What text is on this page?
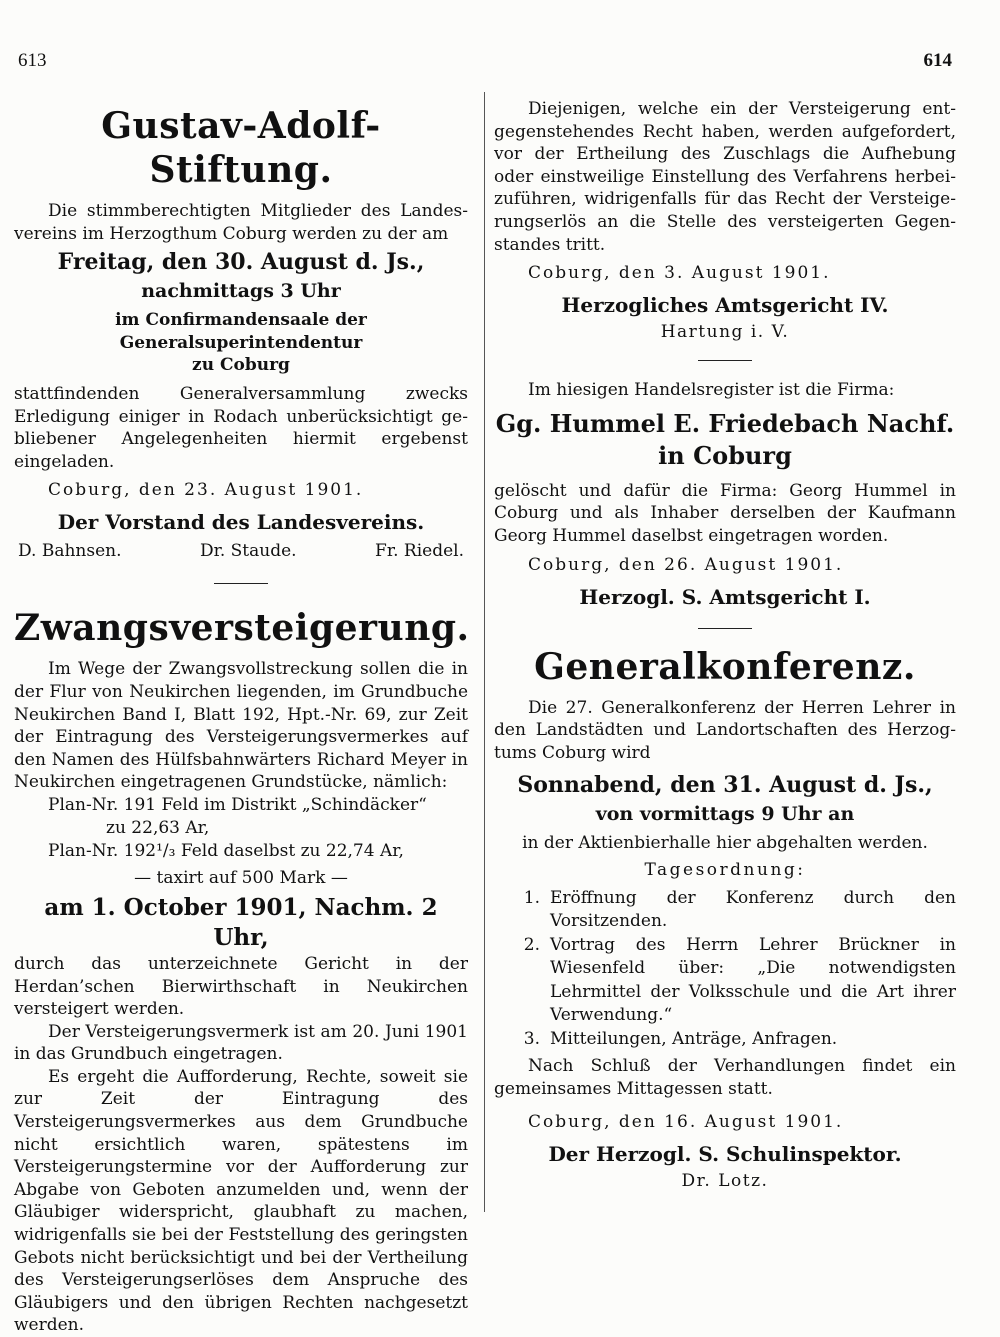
613	614
Gustav-Adolf-Stiftung.

Die stimmberechtigten Mitglieder des Landesvereins im Herzogthum Coburg werden zu der am

Freitag, den 30. August d. Js.,

nachmittags 3 Uhr

im Confirmandensaale der Generalsuperintendentur

zu Coburg

stattfindenden Generalversammlung zwecks Erledigung einiger in Rodach unberücksichtigt gebliebener Angelegenheiten hiermit ergebenst eingeladen.

Coburg, den 23. August 1901.

Der Vorstand des Landesvereins.

D. Bahnsen.	Dr. Staude.	Fr. Riedel.
Zwangsversteigerung.

Im Wege der Zwangsvollstreckung sollen die in der Flur von Neukirchen liegenden, im Grundbuche Neukirchen Band I, Blatt 192, Hpt.-Nr. 69, zur Zeit der Eintragung des Versteigerungsvermerkes auf den Namen des Hülfsbahnwärters Richard Meyer in Neukirchen eingetragenen Grundstücke, nämlich:

Plan-Nr. 191 Feld im Distrikt „Schindäcker“

zu 22,63 Ar,

Plan-Nr. 192¹/₃ Feld daselbst zu 22,74 Ar,

— taxirt auf 500 Mark —

am 1. October 1901, Nachm. 2 Uhr,

durch das unterzeichnete Gericht in der Herdan’schen Bierwirthschaft in Neukirchen versteigert werden.

Der Versteigerungsvermerk ist am 20. Juni 1901 in das Grundbuch eingetragen.

Es ergeht die Aufforderung, Rechte, soweit sie zur Zeit der Eintragung des Versteigerungsvermerkes aus dem Grundbuche nicht ersichtlich waren, spätestens im Versteigerungstermine vor der Aufforderung zur Abgabe von Geboten anzumelden und, wenn der Gläubiger widerspricht, glaubhaft zu machen, widrigenfalls sie bei der Feststellung des geringsten Gebots nicht berücksichtigt und bei der Vertheilung des Versteigerungserlöses dem Anspruche des Gläubigers und den übrigen Rechten nachgesetzt werden.

Diejenigen, welche ein der Versteigerung entgegenstehendes Recht haben, werden aufgefordert, vor der Ertheilung des Zuschlags die Aufhebung oder einstweilige Einstellung des Verfahrens herbeizuführen, widrigenfalls für das Recht der Versteigerungserlös an die Stelle des versteigerten Gegenstandes tritt.

Coburg, den 3. August 1901.

Herzogliches Amtsgericht IV.

Hartung i. V.

Im hiesigen Handelsregister ist die Firma:

Gg. Hummel E. Friedebach Nachf.

in Coburg

gelöscht und dafür die Firma: Georg Hummel in Coburg und als Inhaber derselben der Kaufmann Georg Hummel daselbst eingetragen worden.

Coburg, den 26. August 1901.

Herzogl. S. Amtsgericht I.

Generalkonferenz.

Die 27. Generalkonferenz der Herren Lehrer in den Landstädten und Landortschaften des Herzogtums Coburg wird

Sonnabend, den 31. August d. Js.,

von vormittags 9 Uhr an

in der Aktienbierhalle hier abgehalten werden.

Tagesordnung:

1. Eröffnung der Konferenz durch den Vorsitzenden.
2. Vortrag des Herrn Lehrer Brückner in Wiesenfeld über: „Die notwendigsten Lehrmittel der Volksschule und die Art ihrer Verwendung.“
3. Mitteilungen, Anträge, Anfragen.

Nach Schluß der Verhandlungen findet ein gemeinsames Mittagessen statt.

Coburg, den 16. August 1901.

Der Herzogl. S. Schulinspektor.

Dr. Lotz.
